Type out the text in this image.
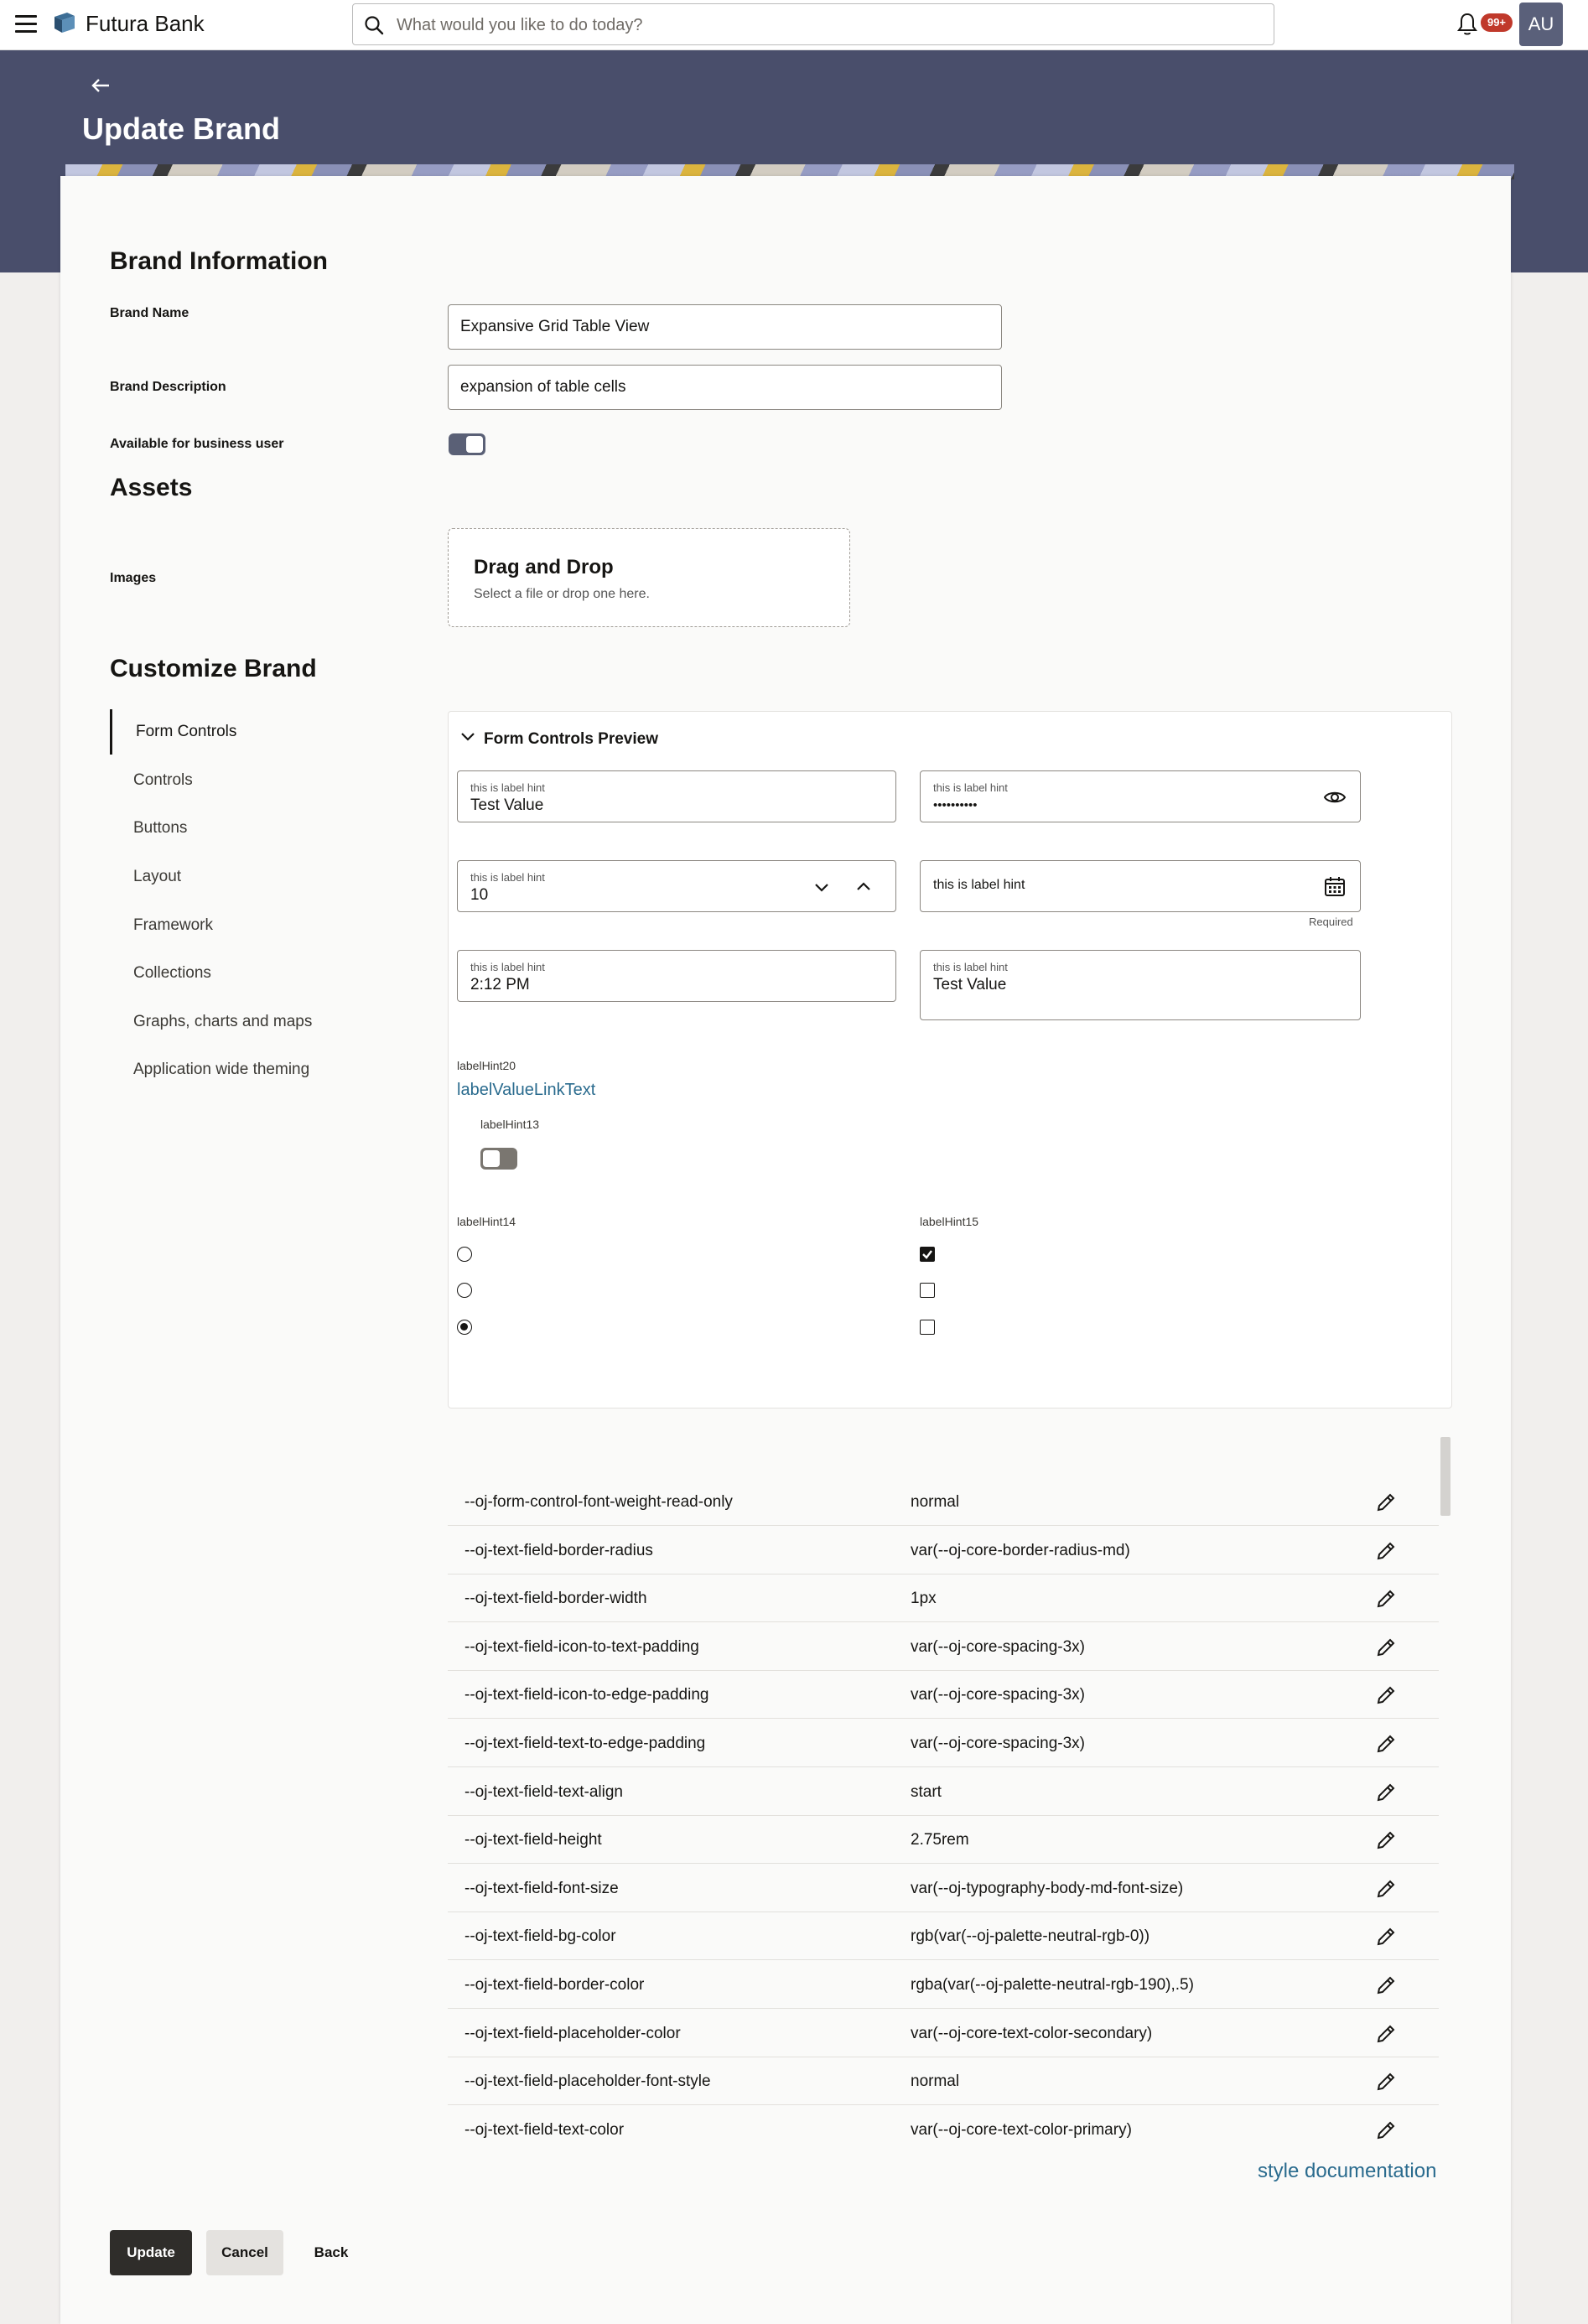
Futura Bank
What would you like to do today?	99+	AU
Update Brand
Brand Information
Brand Name
Expansive Grid Table View
Brand Description
expansion of table cells
Available for business user
Assets
Images	Drag and Drop
Select a file or drop one here.
Customize Brand
Form Controls
Controls
Buttons
Layout
Framework
Collections
Graphs, charts and maps
Application wide theming
Form Controls Preview
this is label hint
Test Value
this is label hint
••••••••••
this is label hint
10
this is label hint
Required
this is label hint
2:12 PM
this is label hint
Test Value
labelHint20
labelValueLinkText
labelHint13
labelHint14	labelHint15
--oj-form-control-font-weight-read-only	normal
--oj-text-field-border-radius	var(--oj-core-border-radius-md)
--oj-text-field-border-width	1px
--oj-text-field-icon-to-text-padding	var(--oj-core-spacing-3x)
--oj-text-field-icon-to-edge-padding	var(--oj-core-spacing-3x)
--oj-text-field-text-to-edge-padding	var(--oj-core-spacing-3x)
--oj-text-field-text-align	start
--oj-text-field-height	2.75rem
--oj-text-field-font-size	var(--oj-typography-body-md-font-size)
--oj-text-field-bg-color	rgb(var(--oj-palette-neutral-rgb-0))
--oj-text-field-border-color	rgba(var(--oj-palette-neutral-rgb-190),.5)
--oj-text-field-placeholder-color	var(--oj-core-text-color-secondary)
--oj-text-field-placeholder-font-style	normal
--oj-text-field-text-color	var(--oj-core-text-color-primary)
style documentation
Update	Cancel	Back
